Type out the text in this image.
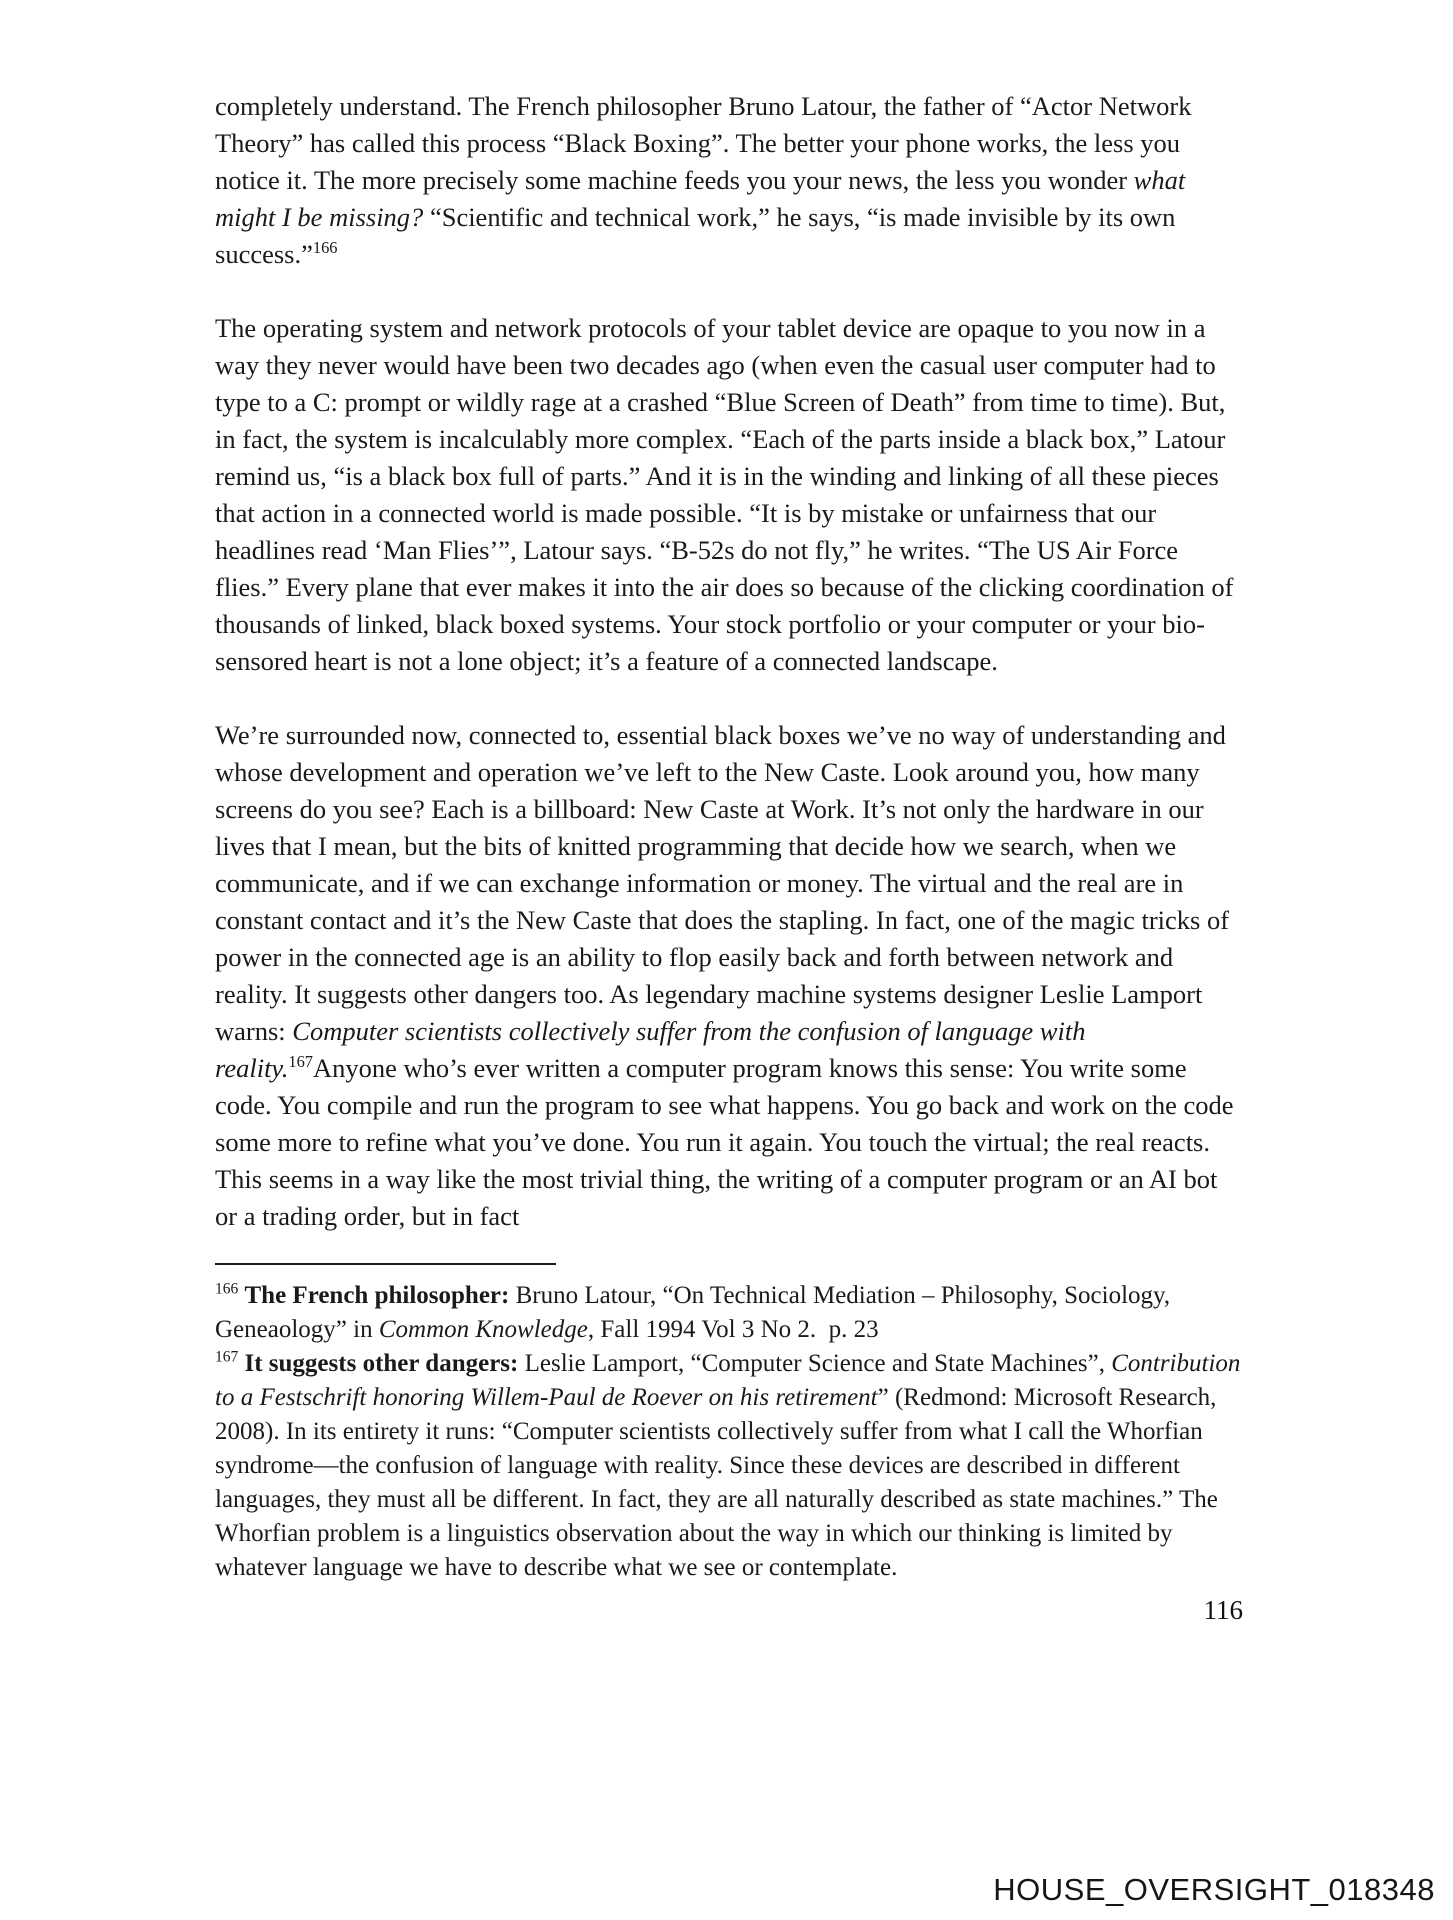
completely understand. The French philosopher Bruno Latour, the father of “Actor Network Theory” has called this process “Black Boxing”. The better your phone works, the less you notice it. The more precisely some machine feeds you your news, the less you wonder what might I be missing? “Scientific and technical work,” he says, “is made invisible by its own success.”$^{166}$

The operating system and network protocols of your tablet device are opaque to you now in a way they never would have been two decades ago (when even the casual user computer had to type to a C: prompt or wildly rage at a crashed “Blue Screen of Death” from time to time). But, in fact, the system is incalculably more complex. “Each of the parts inside a black box,” Latour remind us, “is a black box full of parts.” And it is in the winding and linking of all these pieces that action in a connected world is made possible. “It is by mistake or unfairness that our headlines read ‘Man Flies’”, Latour says. “B-52s do not fly,” he writes. “The US Air Force flies.” Every plane that ever makes it into the air does so because of the clicking coordination of thousands of linked, black boxed systems. Your stock portfolio or your computer or your bio-sensored heart is not a lone object; it’s a feature of a connected landscape.

We’re surrounded now, connected to, essential black boxes we’ve no way of understanding and whose development and operation we’ve left to the New Caste. Look around you, how many screens do you see? Each is a billboard: New Caste at Work. It’s not only the hardware in our lives that I mean, but the bits of knitted programming that decide how we search, when we communicate, and if we can exchange information or money. The virtual and the real are in constant contact and it’s the New Caste that does the stapling. In fact, one of the magic tricks of power in the connected age is an ability to flop easily back and forth between network and reality. It suggests other dangers too. As legendary machine systems designer Leslie Lamport warns: Computer scientists collectively suffer from the confusion of language with reality.$^{167}$Anyone who’s ever written a computer program knows this sense: You write some code. You compile and run the program to see what happens. You go back and work on the code some more to refine what you’ve done. You run it again. You touch the virtual; the real reacts. This seems in a way like the most trivial thing, the writing of a computer program or an AI bot or a trading order, but in fact

$^{166}$ The French philosopher: Bruno Latour, “On Technical Mediation – Philosophy, Sociology, Geneaology” in Common Knowledge, Fall 1994 Vol 3 No 2.  p. 23

$^{167}$ It suggests other dangers: Leslie Lamport, “Computer Science and State Machines”, Contribution to a Festschrift honoring Willem-Paul de Roever on his retirement” (Redmond: Microsoft Research, 2008). In its entirety it runs: “Computer scientists collectively suffer from what I call the Whorfian syndrome—the confusion of language with reality. Since these devices are described in different languages, they must all be different. In fact, they are all naturally described as state machines.” The Whorfian problem is a linguistics observation about the way in which our thinking is limited by whatever language we have to describe what we see or contemplate.

116
HOUSE_OVERSIGHT_018348
